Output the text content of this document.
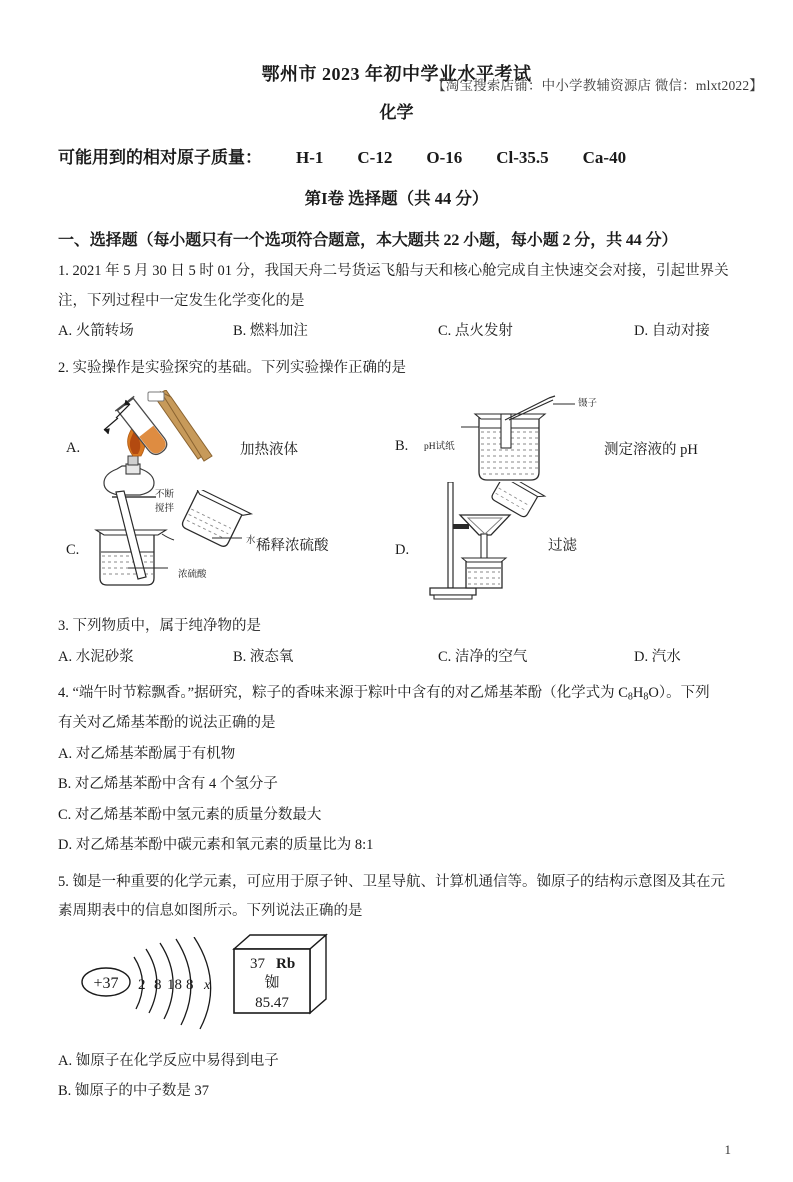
【淘宝搜索店铺：中小学教辅资源店 微信：mlxt2022】
鄂州市 2023 年初中学业水平考试
化学
可能用到的相对原子质量： H-1 C-12 O-16 Cl-35.5 Ca-40
第I卷 选择题（共 44 分）
一、选择题（每小题只有一个选项符合题意，本大题共 22 小题，每小题 2 分，共 44 分）
1. 2021 年 5 月 30 日 5 时 01 分，我国天舟二号货运飞船与天和核心舱完成自主快速交会对接，引起世界关
注，下列过程中一定发生化学变化的是
A. 火箭转场	B. 燃料加注	C. 点火发射	D. 自动对接
2. 实验操作是实验探究的基础。下列实验操作正确的是
A.	加热液体	B. pH试纸
镊子
测定溶液的 pH
C.
不断
搅拌
水
浓硫酸
稀释浓硫酸	D.	过滤
3. 下列物质中，属于纯净物的是
A. 水泥砂浆	B. 液态氧	C. 洁净的空气	D. 汽水
4. “端午时节粽飘香。”据研究，粽子的香味来源于粽叶中含有的对乙烯基苯酚（化学式为 $C_8H_8O$）。下列
有关对乙烯基苯酚的说法正确的是
A. 对乙烯基苯酚属于有机物
B. 对乙烯基苯酚中含有 4 个氢分子
C. 对乙烯基苯酚中氢元素的质量分数最大
D. 对乙烯基苯酚中碳元素和氧元素的质量比为 8:1
5. 铷是一种重要的化学元素，可应用于原子钟、卫星导航、计算机通信等。铷原子的结构示意图及其在元
素周期表中的信息如图所示。下列说法正确的是
+37 2 8 18 8 x
37 Rb
铷
85.47
A. 铷原子在化学反应中易得到电子
B. 铷原子的中子数是 37
1
